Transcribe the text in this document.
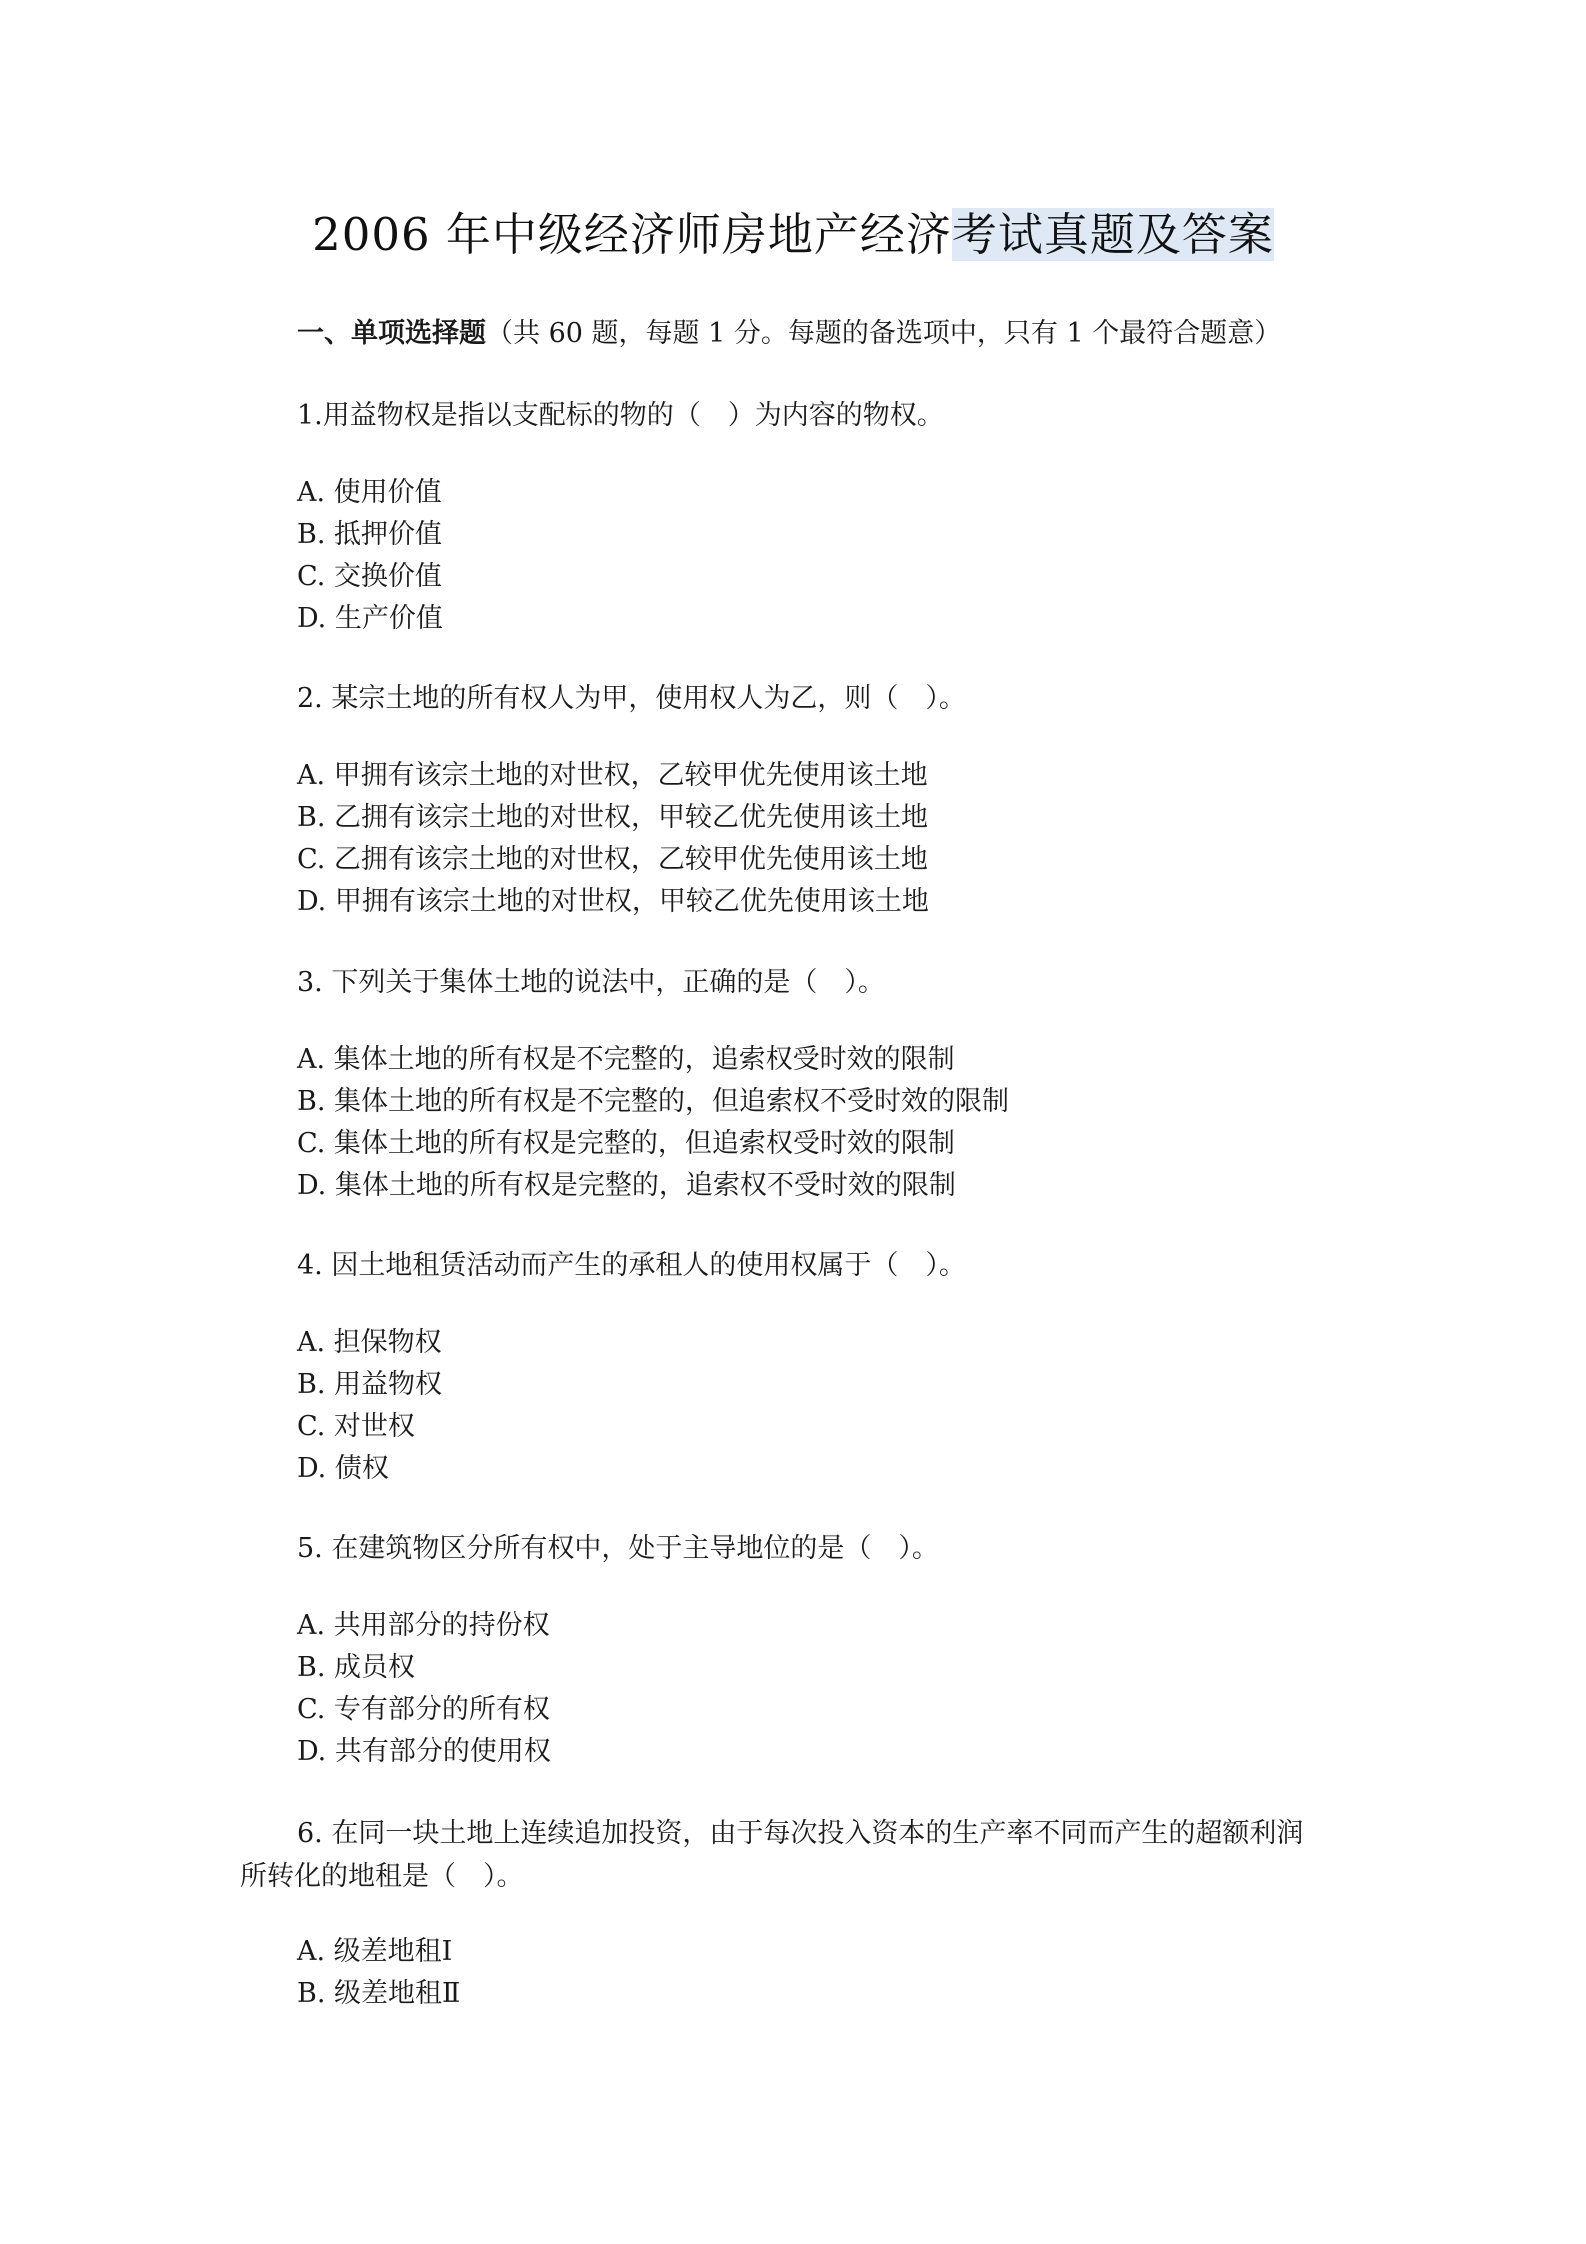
2006 年中级经济师房地产经济考试真题及答案
一、单项选择题（共 60 题，每题 1 分。每题的备选项中，只有 1 个最符合题意）
1.用益物权是指以支配标的物的（　）为内容的物权。
A. 使用价值
B. 抵押价值
C. 交换价值
D. 生产价值
2. 某宗土地的所有权人为甲，使用权人为乙，则（　）。
A. 甲拥有该宗土地的对世权，乙较甲优先使用该土地
B. 乙拥有该宗土地的对世权，甲较乙优先使用该土地
C. 乙拥有该宗土地的对世权，乙较甲优先使用该土地
D. 甲拥有该宗土地的对世权，甲较乙优先使用该土地
3. 下列关于集体土地的说法中，正确的是（　）。
A. 集体土地的所有权是不完整的，追索权受时效的限制
B. 集体土地的所有权是不完整的，但追索权不受时效的限制
C. 集体土地的所有权是完整的，但追索权受时效的限制
D. 集体土地的所有权是完整的，追索权不受时效的限制
4. 因土地租赁活动而产生的承租人的使用权属于（　）。
A. 担保物权
B. 用益物权
C. 对世权
D. 债权
5. 在建筑物区分所有权中，处于主导地位的是（　）。
A. 共用部分的持份权
B. 成员权
C. 专有部分的所有权
D. 共有部分的使用权
6. 在同一块土地上连续追加投资，由于每次投入资本的生产率不同而产生的超额利润
所转化的地租是（　）。
A. 级差地租Ⅰ
B. 级差地租Ⅱ
